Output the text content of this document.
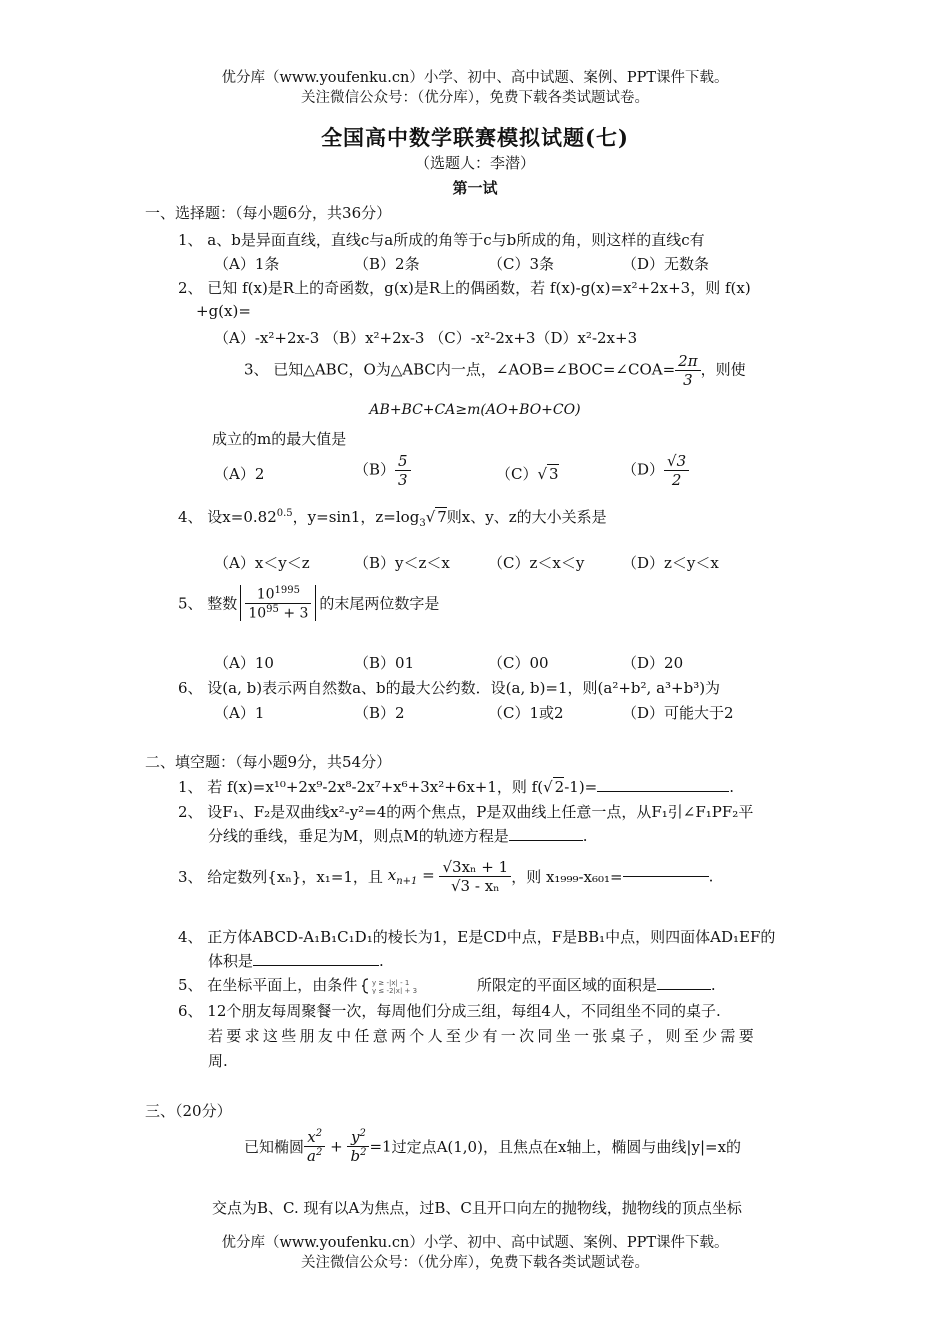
优分库（www.youfenku.cn）小学、初中、高中试题、案例、PPT课件下载。
关注微信公众号：（优分库），免费下载各类试题试卷。
全国高中数学联赛模拟试题(七)
（选题人：李潜）
第一试
一、选择题：（每小题6分，共36分）
1、 a、b是异面直线，直线c与a所成的角等于c与b所成的角，则这样的直线c有
（A）1条	（B）2条	（C）3条	（D）无数条
2、 已知 f(x)是R上的奇函数，g(x)是R上的偶函数，若 f(x)-g(x)=x²+2x+3，则 f(x)
+g(x)=
（A）-x²+2x-3 （B）x²+2x-3 （C）-x²-2x+3（D）x²-2x+3
3、 已知△ABC，O为△ABC内一点，∠AOB=∠BOC=∠COA= $\frac{2\pi}{3}$ ，则使
AB+BC+CA≥m(AO+BO+CO)
成立的m的最大值是
（A）2	$(B) \frac{5}{3}$	（C）√ 3	$(D) \frac{√3}{2}$
4、 设$x=0.82^{0.5}$，y=sin1，$z=\log_3√$ 7则x、y、z的大小关系是
（A）x＜y＜z	（B）y＜z＜x	（C）z＜x＜y	（D）z＜y＜x
5、 整数 $\frac{10^{1995}}{10^{95} + 3}$ 的末尾两位数字是
（A）10	（B）01	（C）00	（D）20
6、 设(a, b)表示两自然数a、b的最大公约数．设(a, b)=1，则(a²+b², a³+b³)为
（A）1	（B）2	（C）1或2	（D）可能大于2
二、填空题：（每小题9分，共54分）
1、 若 f(x)=x¹⁰+2x⁹-2x⁸-2x⁷+x⁶+3x²+6x+1，则 f(√ 2-1)=	.
2、 设F₁、F₂是双曲线x²-y²=4的两个焦点，P是双曲线上任意一点，从F₁引∠F₁PF₂平
分线的垂线，垂足为M，则点M的轨迹方程是	.
3、 给定数列{xₙ}，x₁=1，且 $x_{n+1} = \frac{\text{√3xₙ + 1}}{\text{√3 - xₙ}}$ ，则 x₁₉₉₉-x₆₀₁=	.
4、 正方体ABCD-A₁B₁C₁D₁的棱长为1，E是CD中点，F是BB₁中点，则四面体AD₁EF的
体积是	.
5、 在坐标平面上，由条件 y ≥ -|x| - 1
y ≤ -2|x| + 3	所限定的平面区域的面积是	.
6、 12个朋友每周聚餐一次，每周他们分成三组，每组4人，不同组坐不同的桌子.
若要求这些朋友中任意两个人至少有一次同坐一张桌子，则至少需要
周.
三、（20分）
已知椭圆 $\frac{x^2}{a^2} + \frac{y^2}{b^2} =1$过定点A(1,0)，且焦点在x轴上，椭圆与曲线|y|=x的
交点为B、C. 现有以A为焦点，过B、C且开口向左的抛物线，抛物线的顶点坐标
优分库（www.youfenku.cn）小学、初中、高中试题、案例、PPT课件下载。
关注微信公众号：（优分库），免费下载各类试题试卷。
